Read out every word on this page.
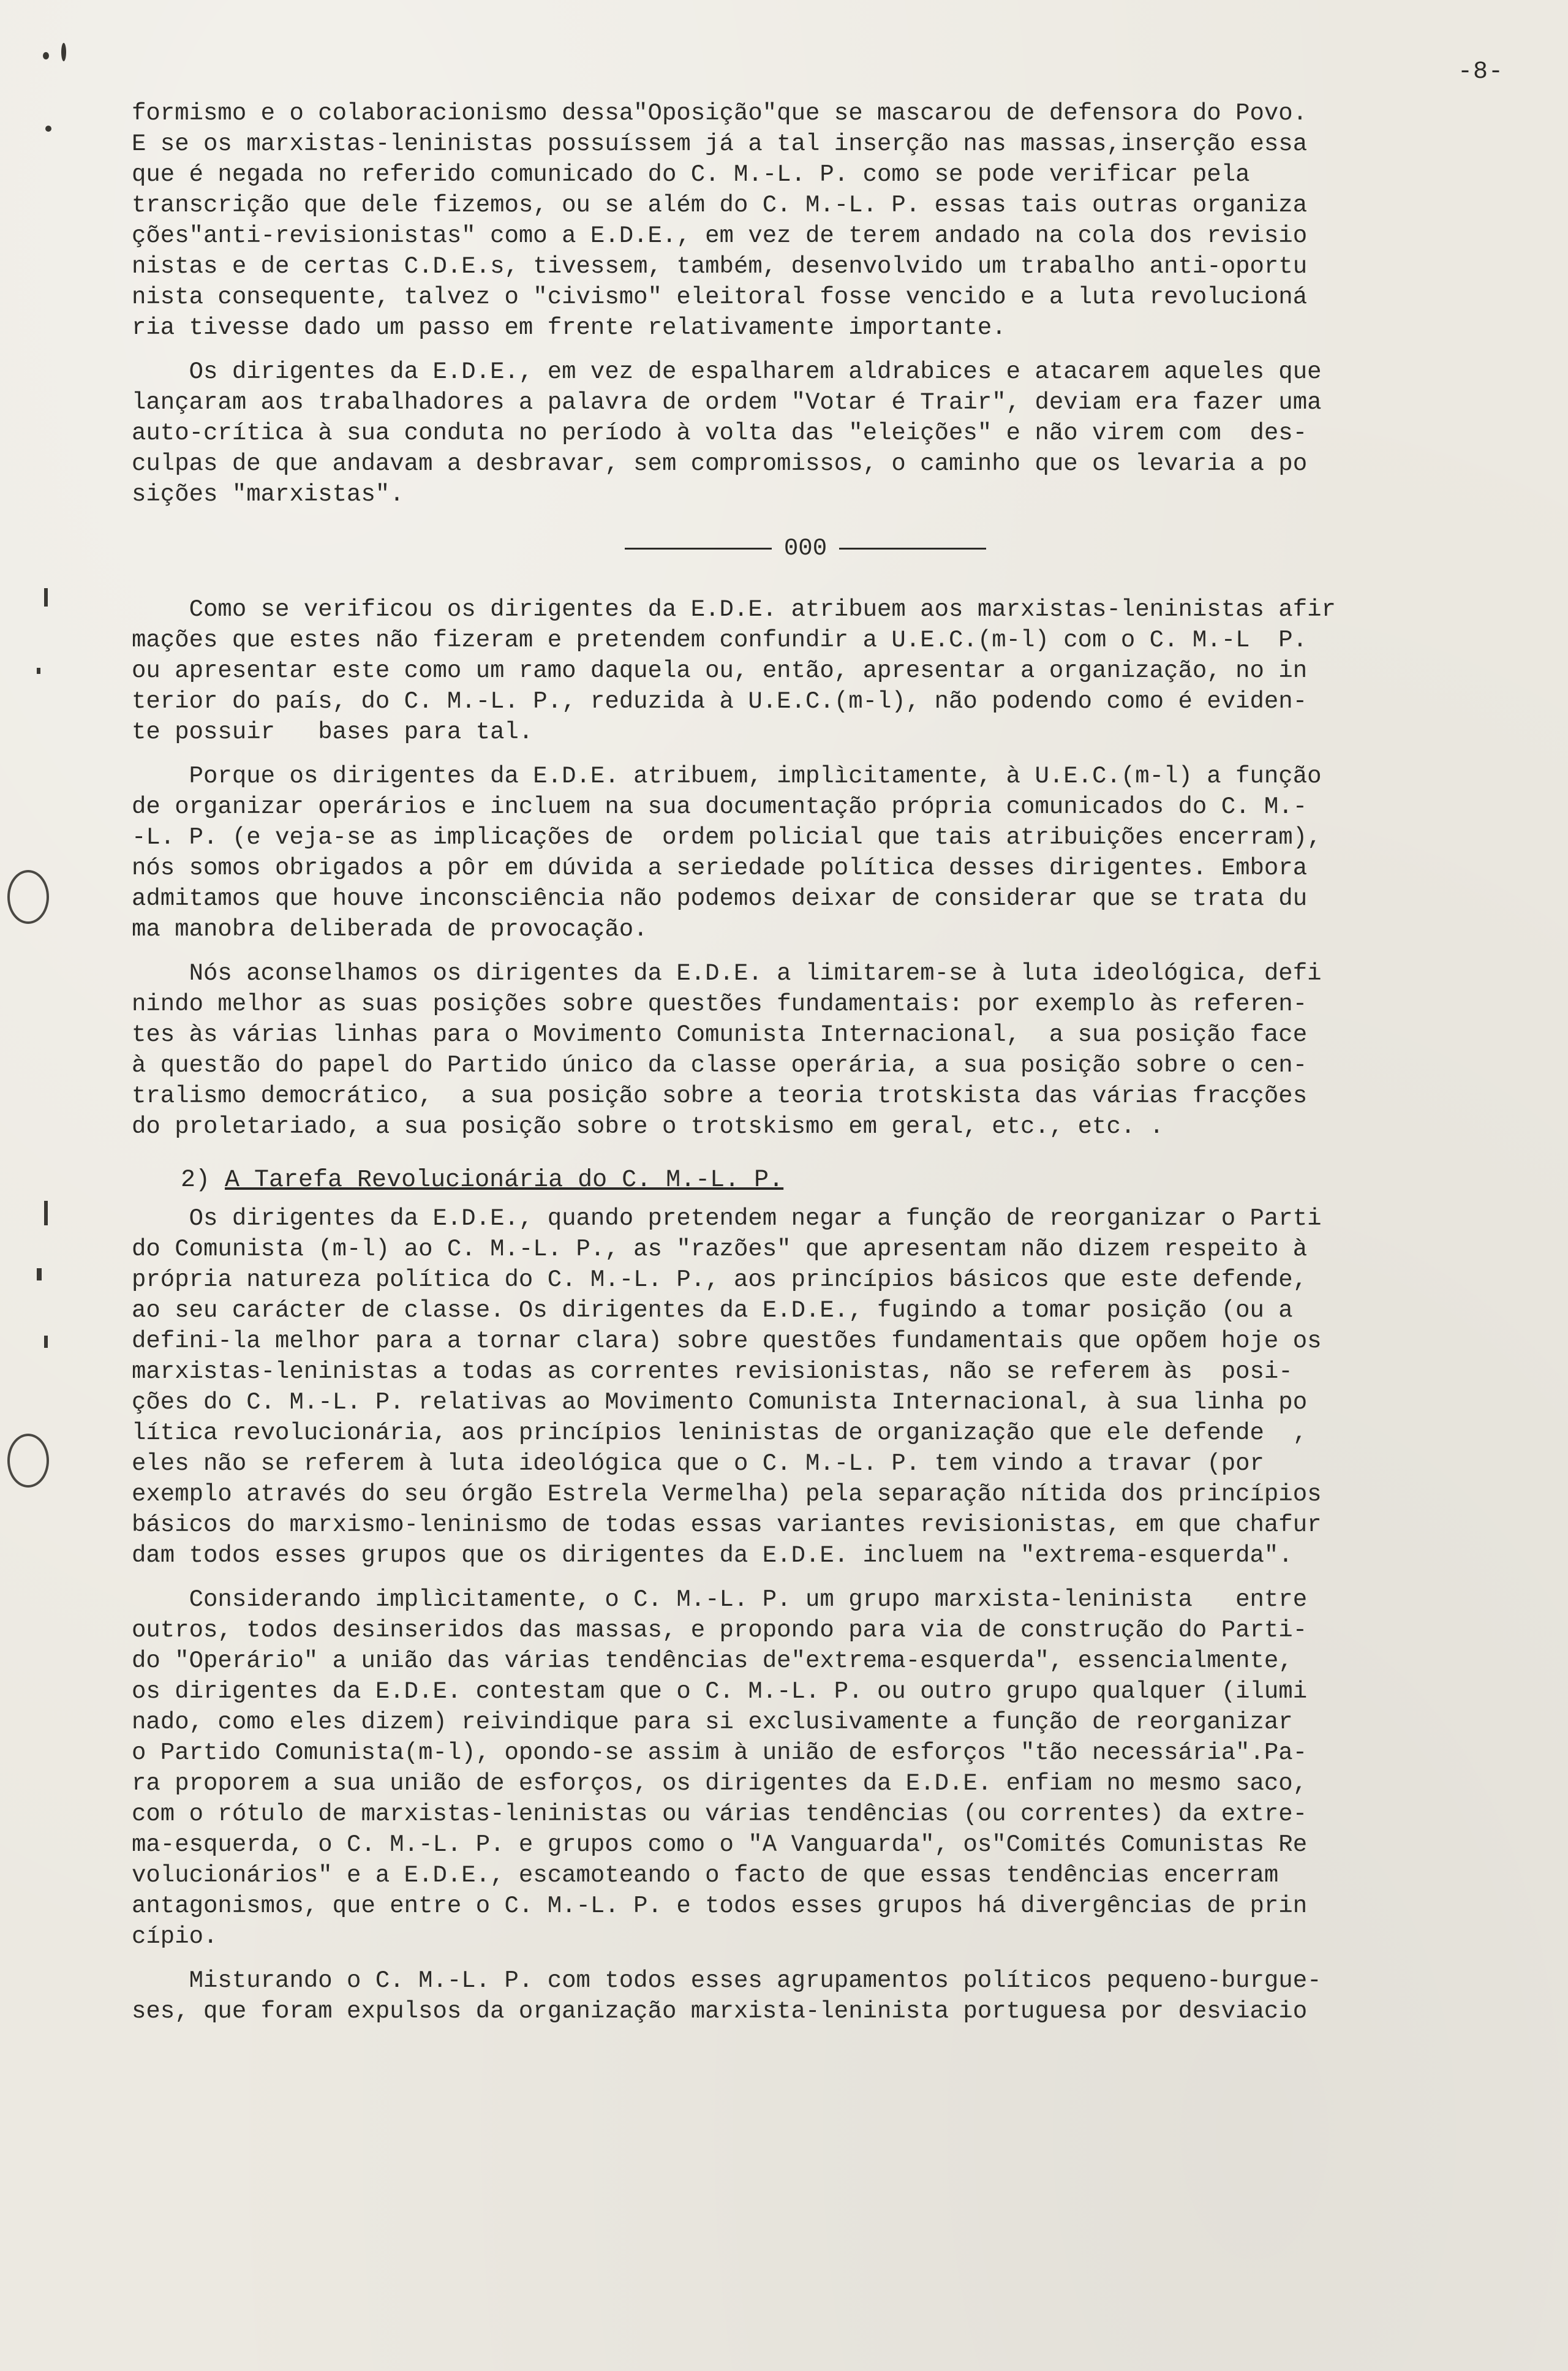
-8-
formismo e o colaboracionismo dessa"Oposição"que se mascarou de defensora do Povo.
E se os marxistas-leninistas possuíssem já a tal inserção nas massas,inserção essa
que é negada no referido comunicado do C. M.-L. P. como se pode verificar pela
transcrição que dele fizemos, ou se além do C. M.-L. P. essas tais outras organiza
ções"anti-revisionistas" como a E.D.E., em vez de terem andado na cola dos revisio
nistas e de certas C.D.E.s, tivessem, também, desenvolvido um trabalho anti-oportu
nista consequente, talvez o "civismo" eleitoral fosse vencido e a luta revolucioná
ria tivesse dado um passo em frente relativamente importante.
Os dirigentes da E.D.E., em vez de espalharem aldrabices e atacarem aqueles que
lançaram aos trabalhadores a palavra de ordem "Votar é Trair", deviam era fazer uma
auto-crítica à sua conduta no período à volta das "eleições" e não virem com  des-
culpas de que andavam a desbravar, sem compromissos, o caminho que os levaria a po
sições "marxistas".
000
Como se verificou os dirigentes da E.D.E. atribuem aos marxistas-leninistas afir
mações que estes não fizeram e pretendem confundir a U.E.C.(m-l) com o C. M.-L  P.
ou apresentar este como um ramo daquela ou, então, apresentar a organização, no in
terior do país, do C. M.-L. P., reduzida à U.E.C.(m-l), não podendo como é eviden-
te possuir   bases para tal.
Porque os dirigentes da E.D.E. atribuem, implìcitamente, à U.E.C.(m-l) a função
de organizar operários e incluem na sua documentação própria comunicados do C. M.-
-L. P. (e veja-se as implicações de  ordem policial que tais atribuições encerram),
nós somos obrigados a pôr em dúvida a seriedade política desses dirigentes. Embora
admitamos que houve inconsciência não podemos deixar de considerar que se trata du
ma manobra deliberada de provocação.
Nós aconselhamos os dirigentes da E.D.E. a limitarem-se à luta ideológica, defi
nindo melhor as suas posições sobre questões fundamentais: por exemplo às referen-
tes às várias linhas para o Movimento Comunista Internacional,  a sua posição face
à questão do papel do Partido único da classe operária, a sua posição sobre o cen-
tralismo democrático,  a sua posição sobre a teoria trotskista das várias fracções
do proletariado, a sua posição sobre o trotskismo em geral, etc., etc. .
2) A Tarefa Revolucionária do C. M.-L. P.
Os dirigentes da E.D.E., quando pretendem negar a função de reorganizar o Parti
do Comunista (m-l) ao C. M.-L. P., as "razões" que apresentam não dizem respeito à
própria natureza política do C. M.-L. P., aos princípios básicos que este defende,
ao seu carácter de classe. Os dirigentes da E.D.E., fugindo a tomar posição (ou a
defini-la melhor para a tornar clara) sobre questões fundamentais que opõem hoje os
marxistas-leninistas a todas as correntes revisionistas, não se referem às  posi-
ções do C. M.-L. P. relativas ao Movimento Comunista Internacional, à sua linha po
lítica revolucionária, aos princípios leninistas de organização que ele defende  ,
eles não se referem à luta ideológica que o C. M.-L. P. tem vindo a travar (por
exemplo através do seu órgão Estrela Vermelha) pela separação nítida dos princípios
básicos do marxismo-leninismo de todas essas variantes revisionistas, em que chafur
dam todos esses grupos que os dirigentes da E.D.E. incluem na "extrema-esquerda".
Considerando implìcitamente, o C. M.-L. P. um grupo marxista-leninista   entre
outros, todos desinseridos das massas, e propondo para via de construção do Parti-
do "Operário" a união das várias tendências de"extrema-esquerda", essencialmente,
os dirigentes da E.D.E. contestam que o C. M.-L. P. ou outro grupo qualquer (ilumi
nado, como eles dizem) reivindique para si exclusivamente a função de reorganizar
o Partido Comunista(m-l), opondo-se assim à união de esforços "tão necessária".Pa-
ra proporem a sua união de esforços, os dirigentes da E.D.E. enfiam no mesmo saco,
com o rótulo de marxistas-leninistas ou várias tendências (ou correntes) da extre-
ma-esquerda, o C. M.-L. P. e grupos como o "A Vanguarda", os"Comités Comunistas Re
volucionários" e a E.D.E., escamoteando o facto de que essas tendências encerram
antagonismos, que entre o C. M.-L. P. e todos esses grupos há divergências de prin
cípio.
Misturando o C. M.-L. P. com todos esses agrupamentos políticos pequeno-burgue-
ses, que foram expulsos da organização marxista-leninista portuguesa por desviacio
